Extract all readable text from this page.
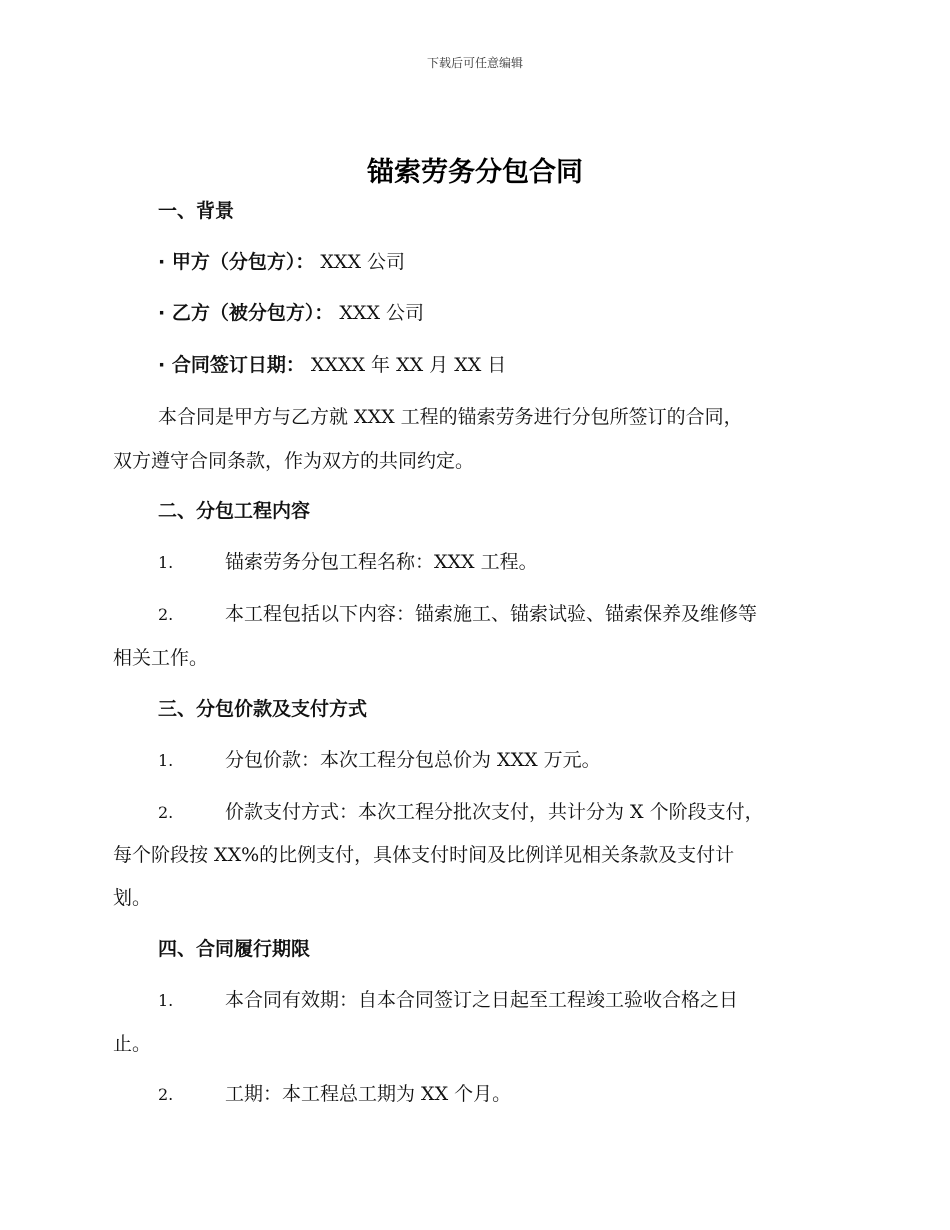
下载后可任意编辑
锚索劳务分包合同
一、背景
· 甲方（分包方）： XXX 公司
· 乙方（被分包方）： XXX 公司
· 合同签订日期： XXXX 年 XX 月 XX 日
本合同是甲方与乙方就 XXX 工程的锚索劳务进行分包所签订的合同，
双方遵守合同条款，作为双方的共同约定。
二、分包工程内容
1.	锚索劳务分包工程名称：XXX 工程。
2.	本工程包括以下内容：锚索施工、锚索试验、锚索保养及维修等
相关工作。
三、分包价款及支付方式
1.	分包价款：本次工程分包总价为 XXX 万元。
2.	价款支付方式：本次工程分批次支付，共计分为 X 个阶段支付，
每个阶段按 XX%的比例支付，具体支付时间及比例详见相关条款及支付计
划。
四、合同履行期限
1.	本合同有效期：自本合同签订之日起至工程竣工验收合格之日
止。
2.	工期：本工程总工期为 XX 个月。
